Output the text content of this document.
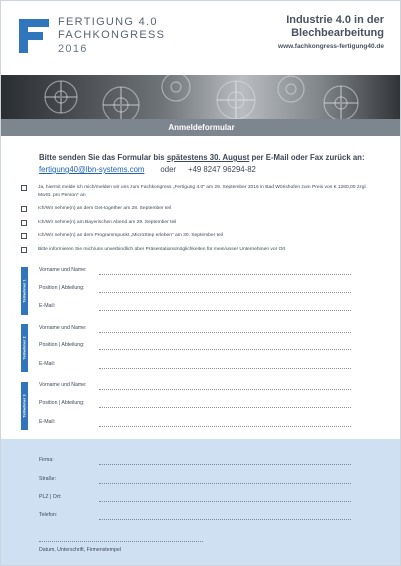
FERTIGUNG 4.0
FACHKONGRESS
2016
Industrie 4.0 in der
Blechbearbeitung
www.fachkongress-fertigung40.de
Anmeldeformular
Bitte senden Sie das Formular bis spätestens 30. August per E-Mail oder Fax zurück an:
fertigung40@lbn-systems.com oder +49 8247 96294-82
Ja, hiermit melde ich mich/melden wir uns zum Fachkongress „Fertigung 4.0“ am 29. September 2016 in Bad Wörishofen zum Preis von € 1260,00 zzgl. MwSt. pro Person* an
Ich/Wir nehme(n) an dem Get-together am 28. September teil
Ich/Wir nehme(n) am Bayerischen Abend am 29. September teil
Ich/Wir nehme(n) an dem Programmpunkt „MicroStep erleben“ am 30. September teil
Bitte informieren Sie mich/uns unverbindlich über Präsentationsmöglichkeiten für mein/unser Unternehmen vor Ort
Teilnehmer 1
Vorname und Name:
Position | Abteilung:
E-Mail:
Teilnehmer 2
Vorname und Name:
Position | Abteilung:
E-Mail:
Teilnehmer 3
Vorname und Name:
Position | Abteilung:
E-Mail:
Firma:
Straße:
PLZ | Ort:
Telefon:
Datum, Unterschrift, Firmenstempel
